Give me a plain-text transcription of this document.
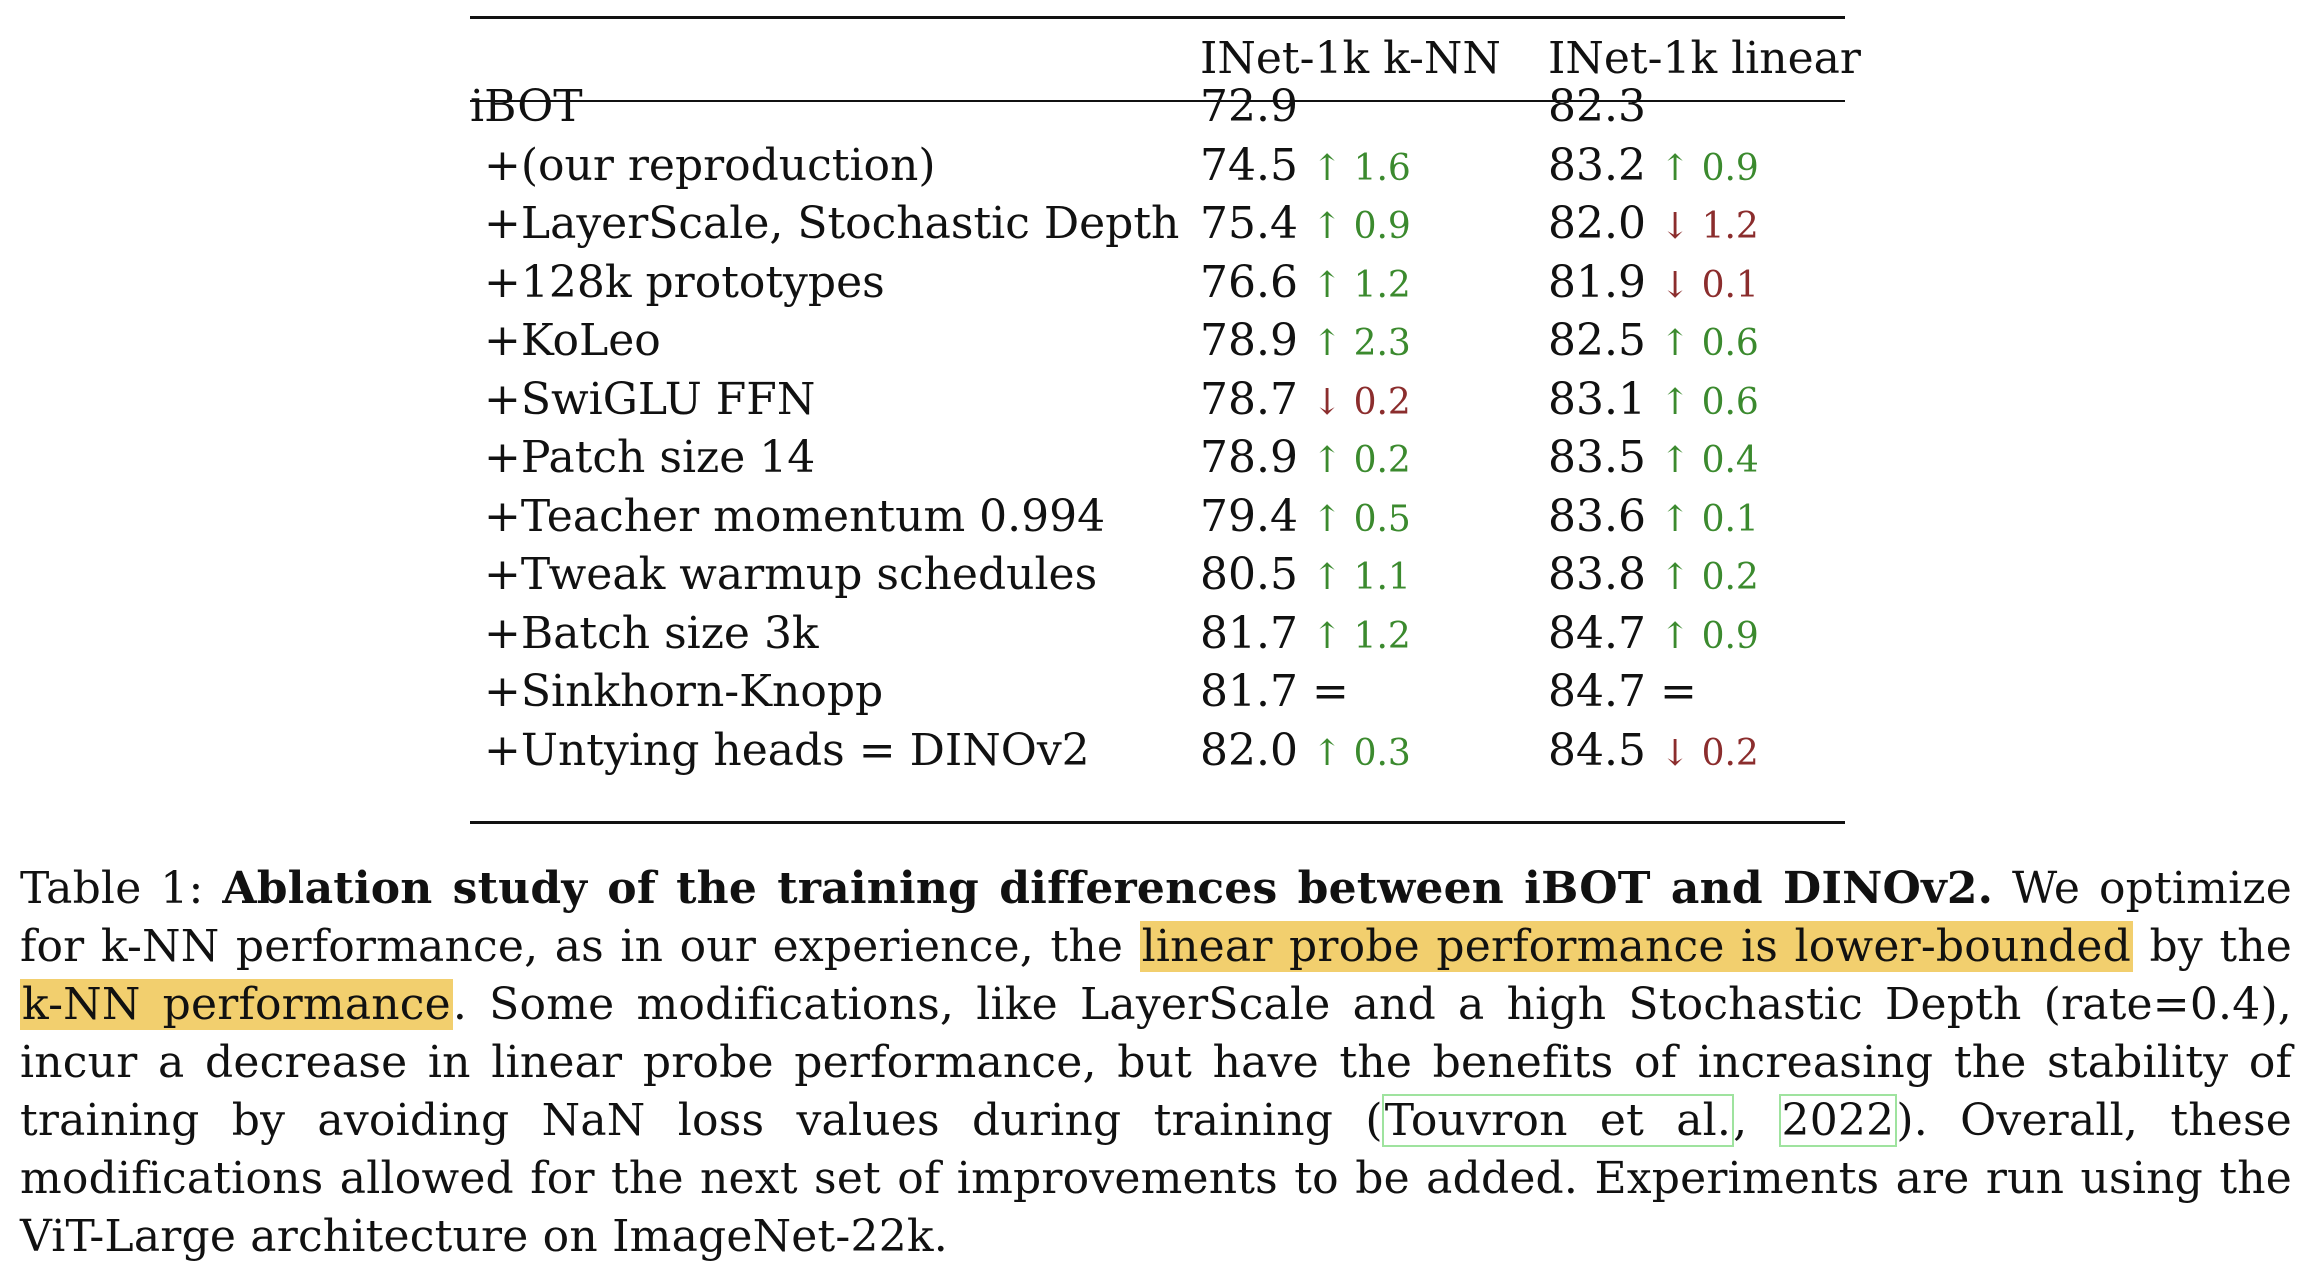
INet-1k k-NN INet-1k linear
iBOT	72.9	82.3
+(our reproduction)	74.5 ↑ 1.6	83.2 ↑ 0.9
+LayerScale, Stochastic Depth 75.4 ↑ 0.9	82.0 ↓ 1.2
+128k prototypes	76.6 ↑ 1.2	81.9 ↓ 0.1
+KoLeo	78.9 ↑ 2.3	82.5 ↑ 0.6
+SwiGLU FFN	78.7 ↓ 0.2	83.1 ↑ 0.6
+Patch size 14	78.9 ↑ 0.2	83.5 ↑ 0.4
+Teacher momentum 0.994 79.4 ↑ 0.5	83.6 ↑ 0.1
+Tweak warmup schedules 80.5 ↑ 1.1	83.8 ↑ 0.2
+Batch size 3k	81.7 ↑ 1.2	84.7 ↑ 0.9
+Sinkhorn-Knopp	81.7 =	84.7 =
+Untying heads = DINOv2	82.0 ↑ 0.3	84.5 ↓ 0.2
Table 1: Ablation study of the training differences between iBOT and DINOv2. We optimize for k-NN performance, as in our experience, the linear probe performance is lower-bounded by the k-NN performance. Some modifications, like LayerScale and a high Stochastic Depth (rate=0.4), incur a decrease in linear probe performance, but have the benefits of increasing the stability of training by avoiding NaN loss values during training (Touvron et al., 2022). Overall, these modifications allowed for the next set of improvements to be added. Experiments are run using the ViT-Large architecture on ImageNet-22k.
